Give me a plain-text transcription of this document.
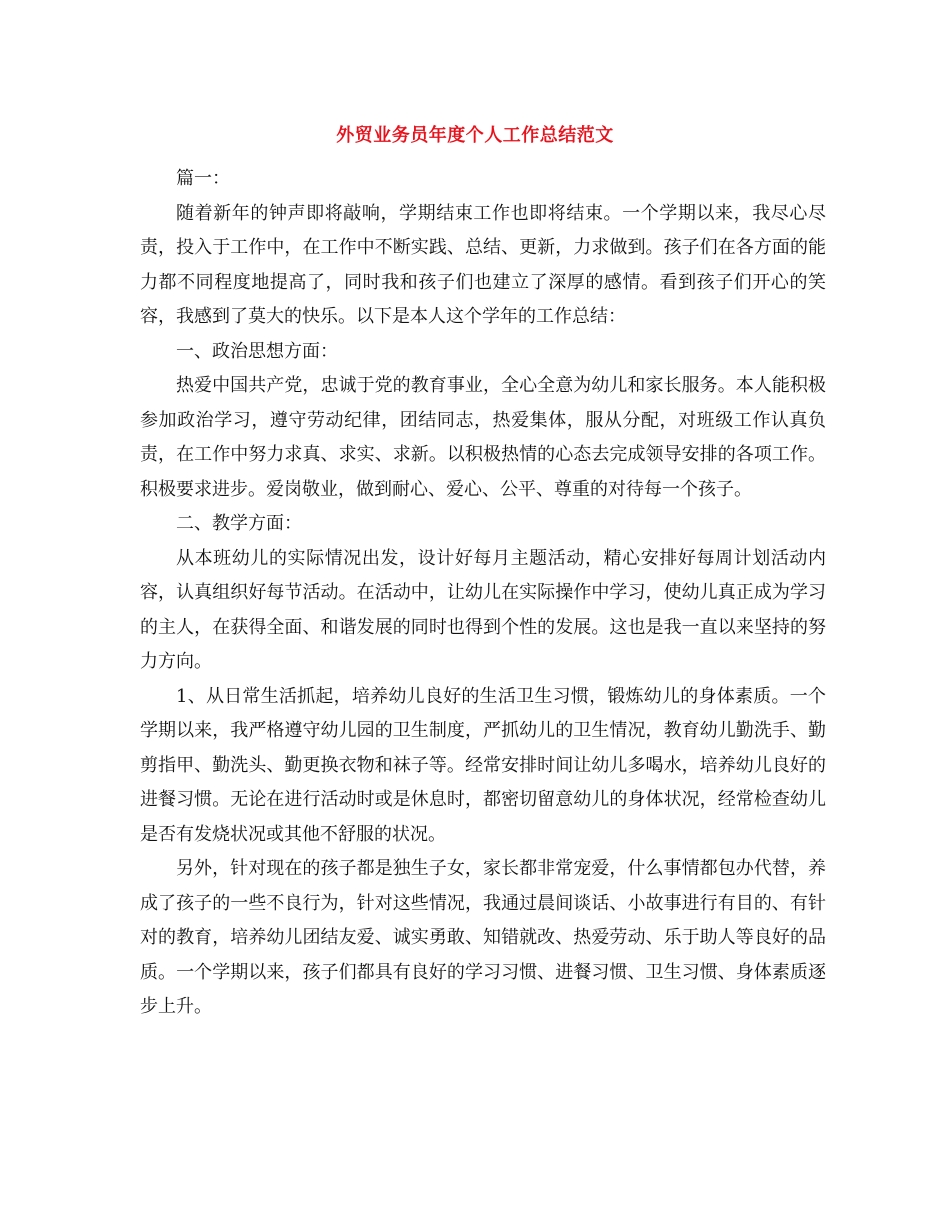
外贸业务员年度个人工作总结范文

篇一：

随着新年的钟声即将敲响，学期结束工作也即将结束。一个学期以来，我尽心尽责，投入于工作中，在工作中不断实践、总结、更新，力求做到。孩子们在各方面的能力都不同程度地提高了，同时我和孩子们也建立了深厚的感情。看到孩子们开心的笑容，我感到了莫大的快乐。以下是本人这个学年的工作总结：

一、政治思想方面：

热爱中国共产党，忠诚于党的教育事业，全心全意为幼儿和家长服务。本人能积极参加政治学习，遵守劳动纪律，团结同志，热爱集体，服从分配，对班级工作认真负责，在工作中努力求真、求实、求新。以积极热情的心态去完成领导安排的各项工作。积极要求进步。爱岗敬业，做到耐心、爱心、公平、尊重的对待每一个孩子。

二、教学方面：

从本班幼儿的实际情况出发，设计好每月主题活动，精心安排好每周计划活动内容，认真组织好每节活动。在活动中，让幼儿在实际操作中学习，使幼儿真正成为学习的主人，在获得全面、和谐发展的同时也得到个性的发展。这也是我一直以来坚持的努力方向。

1、从日常生活抓起，培养幼儿良好的生活卫生习惯，锻炼幼儿的身体素质。一个学期以来，我严格遵守幼儿园的卫生制度，严抓幼儿的卫生情况，教育幼儿勤洗手、勤剪指甲、勤洗头、勤更换衣物和袜子等。经常安排时间让幼儿多喝水，培养幼儿良好的进餐习惯。无论在进行活动时或是休息时，都密切留意幼儿的身体状况，经常检查幼儿是否有发烧状况或其他不舒服的状况。

另外，针对现在的孩子都是独生子女，家长都非常宠爱，什么事情都包办代替，养成了孩子的一些不良行为，针对这些情况，我通过晨间谈话、小故事进行有目的、有针对的教育，培养幼儿团结友爱、诚实勇敢、知错就改、热爱劳动、乐于助人等良好的品质。一个学期以来，孩子们都具有良好的学习习惯、进餐习惯、卫生习惯、身体素质逐步上升。
